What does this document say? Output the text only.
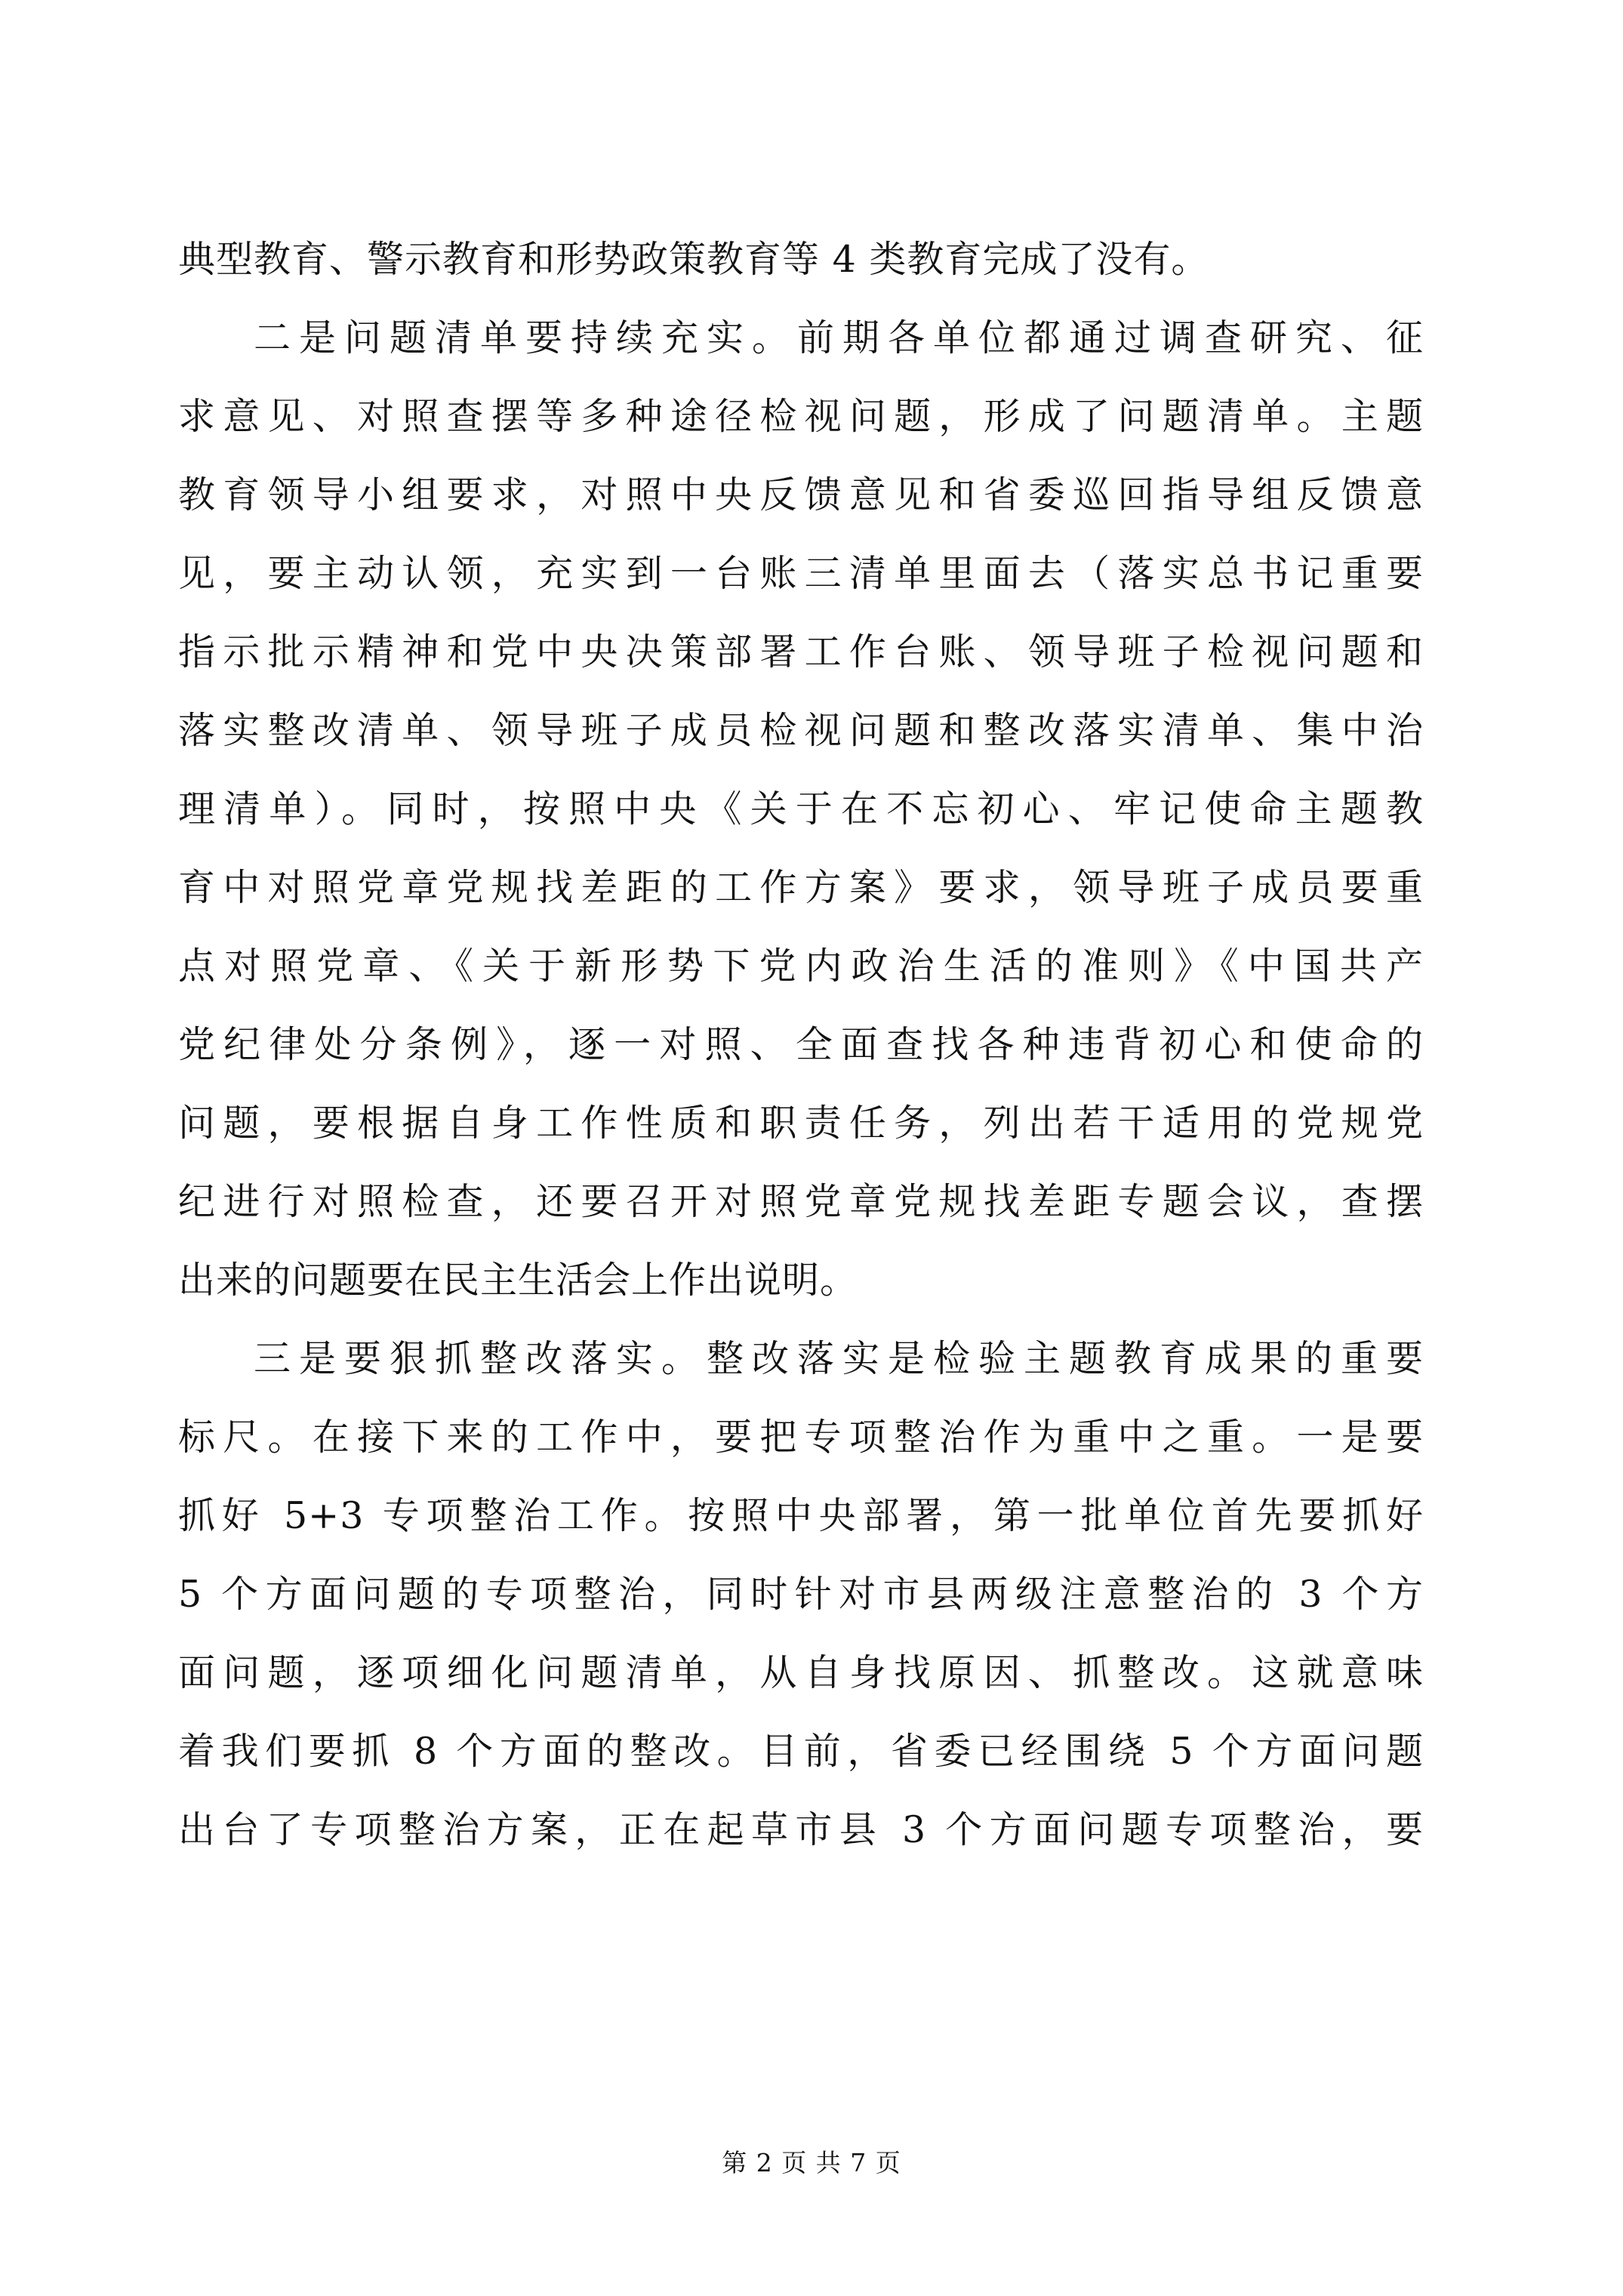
典型教育、警示教育和形势政策教育等 4 类教育完成了没有。
二是问题清单要持续充实。前期各单位都通过调查研究、征
求意见、对照查摆等多种途径检视问题，形成了问题清单。主题
教育领导小组要求，对照中央反馈意见和省委巡回指导组反馈意
见，要主动认领，充实到一台账三清单里面去（落实总书记重要
指示批示精神和党中央决策部署工作台账、领导班子检视问题和
落实整改清单、领导班子成员检视问题和整改落实清单、集中治
理清单）。同时，按照中央《关于在不忘初心、牢记使命主题教
育中对照党章党规找差距的工作方案》要求，领导班子成员要重
点对照党章、《关于新形势下党内政治生活的准则》《中国共产
党纪律处分条例》，逐一对照、全面查找各种违背初心和使命的
问题，要根据自身工作性质和职责任务，列出若干适用的党规党
纪进行对照检查，还要召开对照党章党规找差距专题会议，查摆
出来的问题要在民主生活会上作出说明。
三是要狠抓整改落实。整改落实是检验主题教育成果的重要
标尺。在接下来的工作中，要把专项整治作为重中之重。一是要
抓好 5+3 专项整治工作。按照中央部署，第一批单位首先要抓好
5 个方面问题的专项整治，同时针对市县两级注意整治的 3 个方
面问题，逐项细化问题清单，从自身找原因、抓整改。这就意味
着我们要抓 8 个方面的整改。目前，省委已经围绕 5 个方面问题
出台了专项整治方案，正在起草市县 3 个方面问题专项整治，要
第 2 页 共 7 页
